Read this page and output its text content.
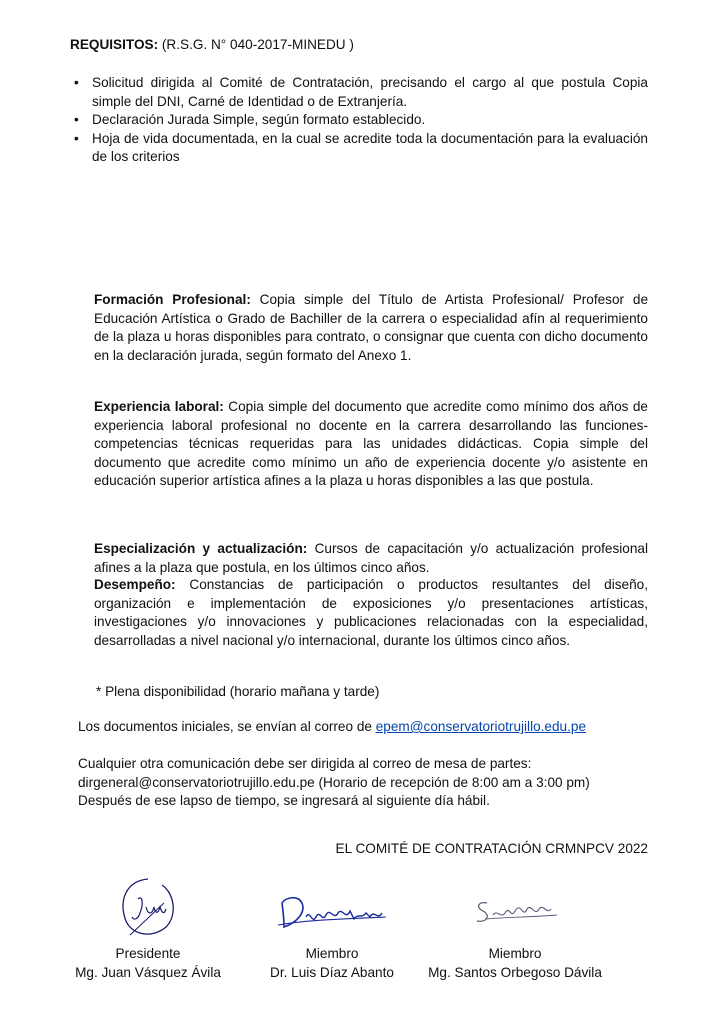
REQUISITOS: (R.S.G. N° 040-2017-MINEDU )
• Solicitud dirigida al Comité de Contratación, precisando el cargo al que postula Copia simple del DNI, Carné de Identidad o de Extranjería.
• Declaración Jurada Simple, según formato establecido.
• Hoja de vida documentada, en la cual se acredite toda la documentación para la evaluación de los criterios
Formación Profesional: Copia simple del Título de Artista Profesional/ Profesor de Educación Artística o Grado de Bachiller de la carrera o especialidad afín al requerimiento de la plaza u horas disponibles para contrato, o consignar que cuenta con dicho documento en la declaración jurada, según formato del Anexo 1.
Experiencia laboral: Copia simple del documento que acredite como mínimo dos años de experiencia laboral profesional no docente en la carrera desarrollando las funciones- competencias técnicas requeridas para las unidades didácticas. Copia simple del documento que acredite como mínimo un año de experiencia docente y/o asistente en educación superior artística afines a la plaza u horas disponibles a las que postula.
Especialización y actualización: Cursos de capacitación y/o actualización profesional afines a la plaza que postula, en los últimos cinco años.
Desempeño: Constancias de participación o productos resultantes del diseño, organización e implementación de exposiciones y/o presentaciones artísticas, investigaciones y/o innovaciones y publicaciones relacionadas con la especialidad, desarrolladas a nivel nacional y/o internacional, durante los últimos cinco años.
* Plena disponibilidad (horario mañana y tarde)
Los documentos iniciales, se envían al correo de epem@conservatoriotrujillo.edu.pe
Cualquier otra comunicación debe ser dirigida al correo de mesa de partes:
dirgeneral@conservatoriotrujillo.edu.pe (Horario de recepción de 8:00 am a 3:00 pm)
Después de ese lapso de tiempo, se ingresará al siguiente día hábil.
EL COMITÉ DE CONTRATACIÓN CRMNPCV 2022
Presidente
Mg. Juan Vásquez Ávila
Miembro
Dr. Luis Díaz Abanto
Miembro
Mg. Santos Orbegoso Dávila
